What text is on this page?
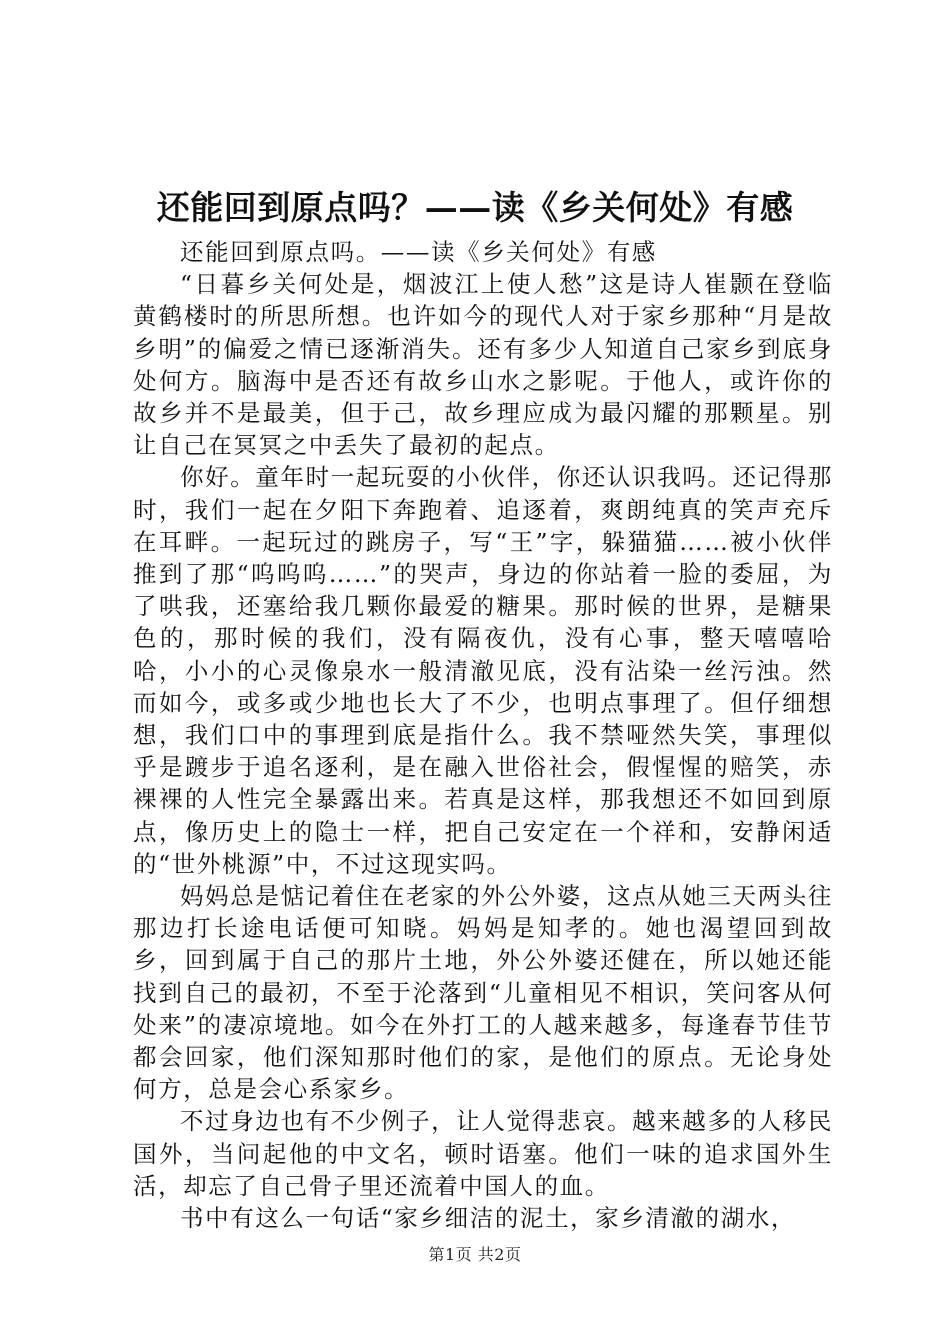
还能回到原点吗？——读《乡关何处》有感

还能回到原点吗。——读《乡关何处》有感

“日暮乡关何处是，烟波江上使人愁”这是诗人崔颢在登临黄鹤楼时的所思所想。也许如今的现代人对于家乡那种“月是故乡明”的偏爱之情已逐渐消失。还有多少人知道自己家乡到底身处何方。脑海中是否还有故乡山水之影呢。于他人，或许你的故乡并不是最美，但于己，故乡理应成为最闪耀的那颗星。别让自己在冥冥之中丢失了最初的起点。

你好。童年时一起玩耍的小伙伴，你还认识我吗。还记得那时，我们一起在夕阳下奔跑着、追逐着，爽朗纯真的笑声充斥在耳畔。一起玩过的跳房子，写“王”字，躲猫猫……被小伙伴推到了那“呜呜呜……”的哭声，身边的你站着一脸的委屈，为了哄我，还塞给我几颗你最爱的糖果。那时候的世界，是糖果色的，那时候的我们，没有隔夜仇，没有心事，整天嘻嘻哈哈，小小的心灵像泉水一般清澈见底，没有沾染一丝污浊。然而如今，或多或少地也长大了不少，也明点事理了。但仔细想想，我们口中的事理到底是指什么。我不禁哑然失笑，事理似乎是踱步于追名逐利，是在融入世俗社会，假惺惺的赔笑，赤裸裸的人性完全暴露出来。若真是这样，那我想还不如回到原点，像历史上的隐士一样，把自己安定在一个祥和，安静闲适的“世外桃源”中，不过这现实吗。

妈妈总是惦记着住在老家的外公外婆，这点从她三天两头往那边打长途电话便可知晓。妈妈是知孝的。她也渴望回到故乡，回到属于自己的那片土地，外公外婆还健在，所以她还能找到自己的最初，不至于沦落到“儿童相见不相识，笑问客从何处来”的凄凉境地。如今在外打工的人越来越多，每逢春节佳节都会回家，他们深知那时他们的家，是他们的原点。无论身处何方，总是会心系家乡。

不过身边也有不少例子，让人觉得悲哀。越来越多的人移民国外，当问起他的中文名，顿时语塞。他们一味的追求国外生活，却忘了自己骨子里还流着中国人的血。

书中有这么一句话“家乡细洁的泥土，家乡清澈的湖水，

第1页 共2页
